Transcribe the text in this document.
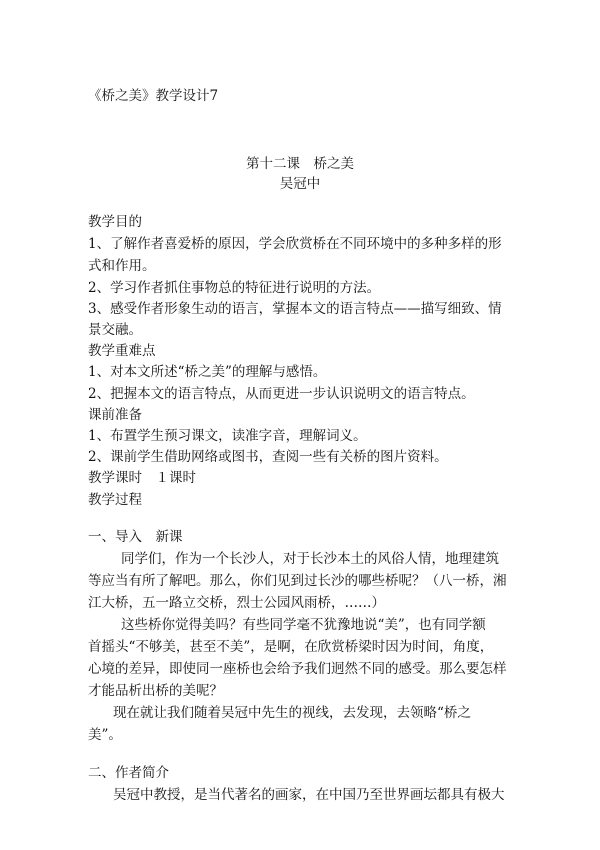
《桥之美》教学设计7
第十二课　桥之美
吴冠中
教学目的
1、了解作者喜爱桥的原因，学会欣赏桥在不同环境中的多种多样的形
式和作用。
2、学习作者抓住事物总的特征进行说明的方法。
3、感受作者形象生动的语言，掌握本文的语言特点——描写细致、情
景交融。
教学重难点
1、对本文所述“桥之美”的理解与感悟。
2、把握本文的语言特点，从而更进一步认识说明文的语言特点。
课前准备
1、布置学生预习课文，读准字音，理解词义。
2、课前学生借助网络或图书，查阅一些有关桥的图片资料。
教学课时　１课时
教学过程
一、导入　新课
同学们，作为一个长沙人，对于长沙本土的风俗人情，地理建筑
等应当有所了解吧。那么，你们见到过长沙的哪些桥呢？（八一桥，湘
江大桥，五一路立交桥，烈士公园风雨桥，……）
这些桥你觉得美吗？有些同学毫不犹豫地说“美”，也有同学额
首摇头“不够美，甚至不美”，是啊，在欣赏桥梁时因为时间，角度，
心境的差异，即使同一座桥也会给予我们迥然不同的感受。那么要怎样
才能品析出桥的美呢？
现在就让我们随着吴冠中先生的视线，去发现，去领略“桥之
美”。
二、作者简介
吴冠中教授，是当代著名的画家，在中国乃至世界画坛都具有极大
